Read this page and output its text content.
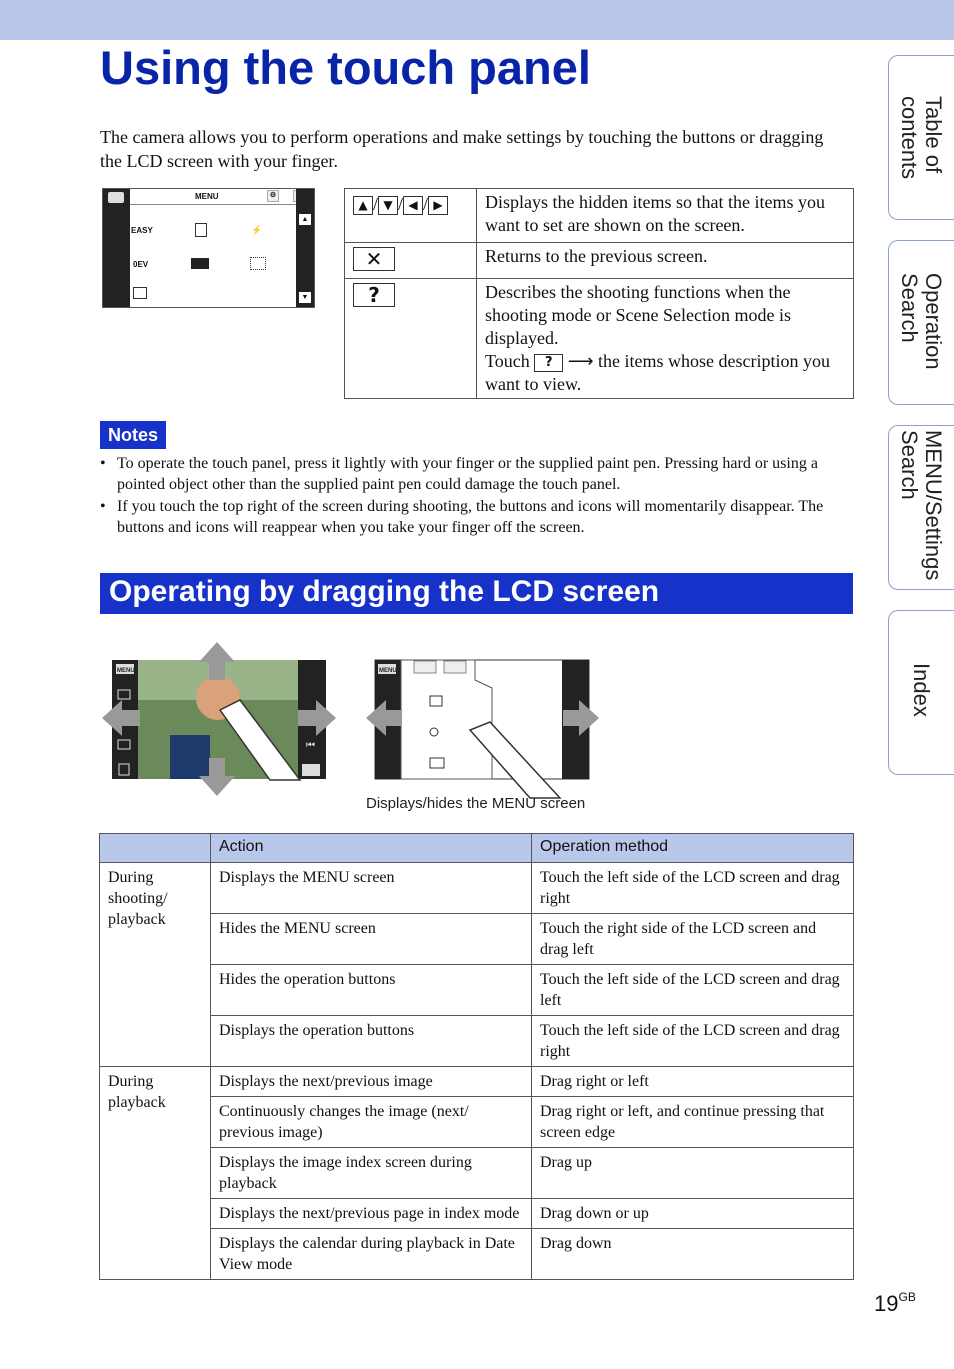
Using the touch panel

The camera allows you to perform operations and make settings by touching the buttons or dragging the LCD screen with your finger.	Table of
contents
Operation
Search
MENU/Settings
Search
Index
MENU	⚙
▲
▼
EASY
0EV
⚡
▲ / ▼ / ◀ / ▶	Displays the hidden items so that the items you want to set are shown on the screen.
✕	Returns to the previous screen.
?	Describes the shooting functions when the shooting mode or Scene Selection mode is displayed.
Touch ? ⟶ the items whose description you want to view.
Notes
• To operate the touch panel, press it lightly with your finger or the supplied paint pen. Pressing hard or using a pointed object other than the supplied paint pen could damage the touch panel.
• If you touch the top right of the screen during shooting, the buttons and icons will momentarily disappear. The buttons and icons will reappear when you take your finger off the screen.
Operating by dragging the LCD screen
MENU
⏮
MENU
Displays/hides the MENU screen
	Action	Operation method
During shooting/ playback	Displays the MENU screen	Touch the left side of the LCD screen and drag right
	Hides the MENU screen	Touch the right side of the LCD screen and drag left
	Hides the operation buttons	Touch the left side of the LCD screen and drag left
	Displays the operation buttons	Touch the left side of the LCD screen and drag right
During playback	Displays the next/previous image	Drag right or left
	Continuously changes the image (next/ previous image)	Drag right or left, and continue pressing that screen edge
	Displays the image index screen during playback	Drag up
	Displays the next/previous page in index mode	Drag down or up
	Displays the calendar during playback in Date View mode	Drag down
$19^{GB}$
